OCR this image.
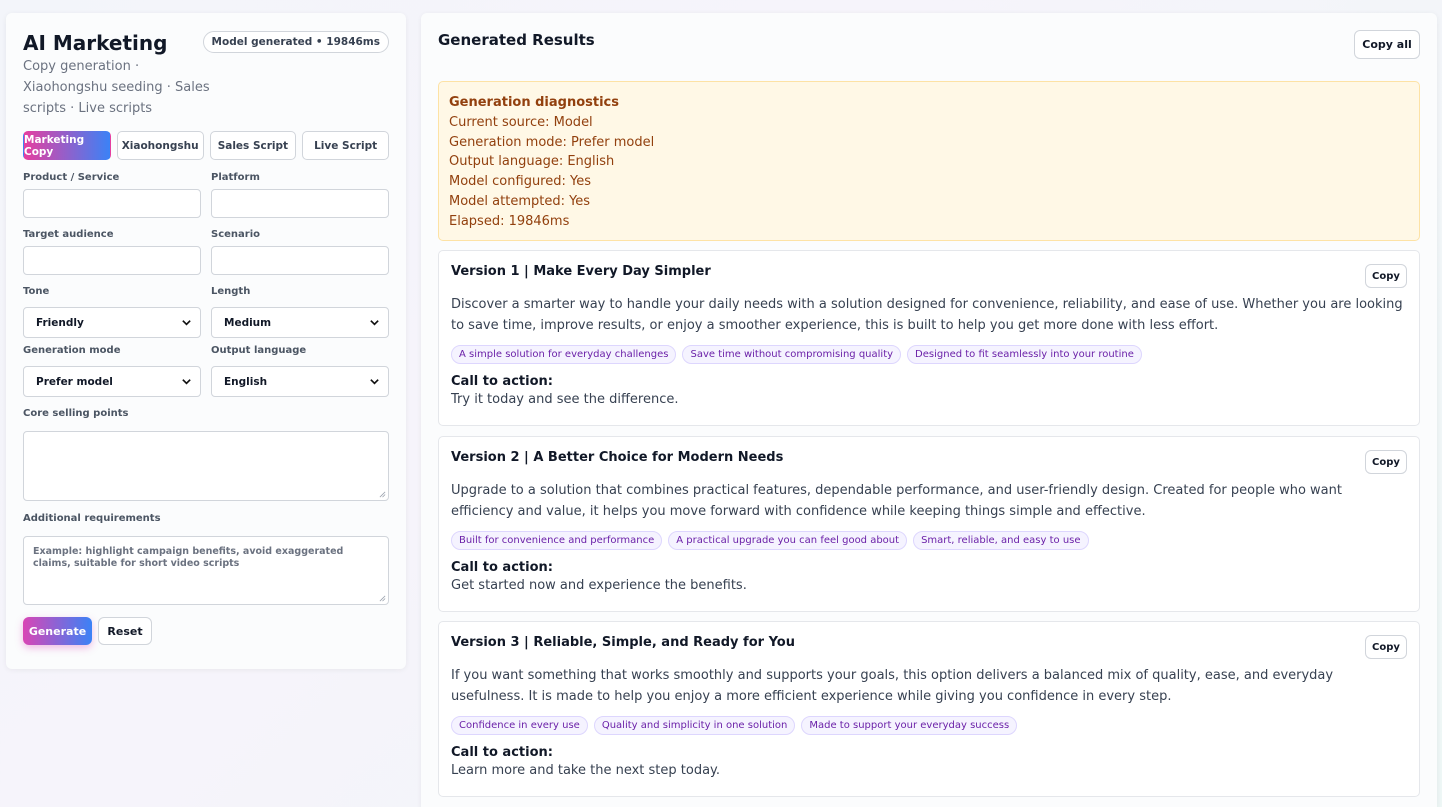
AI Marketing
Copy generation · Xiaohongshu seeding · Sales scripts · Live scripts
Model generated • 19846ms
Marketing Copy	Xiaohongshu	Sales Script	Live Script
Product / Service	Platform
Target audience	Scenario
Tone
Friendly
Length
Medium
Generation mode
Prefer model
Output language
English
Core selling points
Additional requirements
Example: highlight campaign benefits, avoid exaggerated claims, suitable for short video scripts
Generate	Reset
Generated Results	Copy all
Generation diagnostics
Current source: Model
Generation mode: Prefer model
Output language: English
Model configured: Yes
Model attempted: Yes
Elapsed: 19846ms
Version 1 | Make Every Day Simpler	Copy
Discover a smarter way to handle your daily needs with a solution designed for convenience, reliability, and ease of use. Whether you are looking to save time, improve results, or enjoy a smoother experience, this is built to help you get more done with less effort.
A simple solution for everyday challenges	Save time without compromising quality	Designed to fit seamlessly into your routine
Call to action:
Try it today and see the difference.
Version 2 | A Better Choice for Modern Needs	Copy
Upgrade to a solution that combines practical features, dependable performance, and user-friendly design. Created for people who want efficiency and value, it helps you move forward with confidence while keeping things simple and effective.
Built for convenience and performance	A practical upgrade you can feel good about	Smart, reliable, and easy to use
Call to action:
Get started now and experience the benefits.
Version 3 | Reliable, Simple, and Ready for You	Copy
If you want something that works smoothly and supports your goals, this option delivers a balanced mix of quality, ease, and everyday usefulness. It is made to help you enjoy a more efficient experience while giving you confidence in every step.
Confidence in every use	Quality and simplicity in one solution	Made to support your everyday success
Call to action:
Learn more and take the next step today.
